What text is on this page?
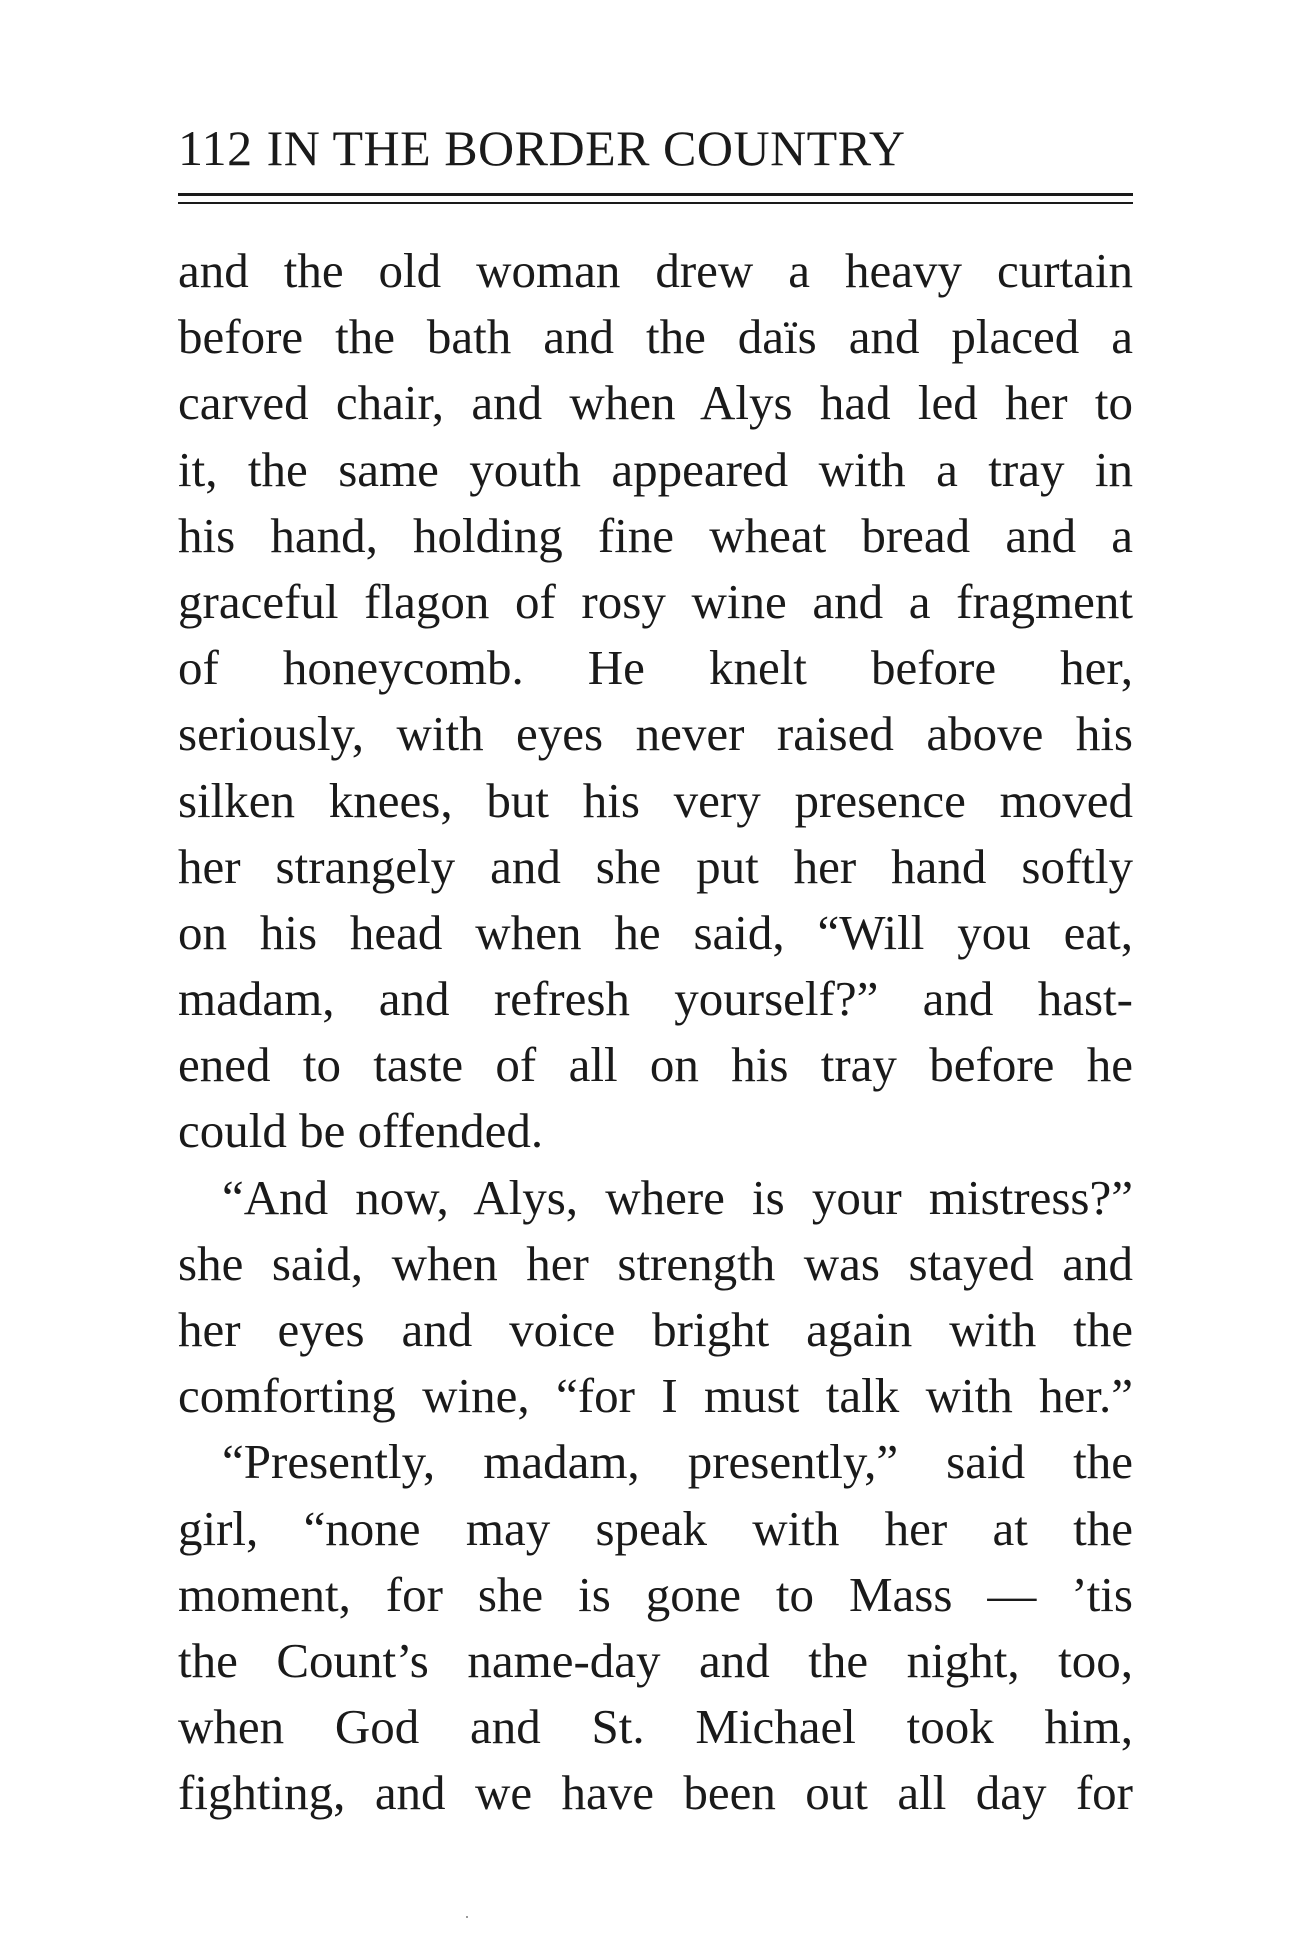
112 IN THE BORDER COUNTRY
and the old woman drew a heavy curtain
before the bath and the daïs and placed a
carved chair, and when Alys had led her to
it, the same youth appeared with a tray in
his hand, holding fine wheat bread and a
graceful flagon of rosy wine and a fragment
of honeycomb. He knelt before her,
seriously, with eyes never raised above his
silken knees, but his very presence moved
her strangely and she put her hand softly
on his head when he said, “Will you eat,
madam, and refresh yourself?” and hast-
ened to taste of all on his tray before he
could be offended.
“And now, Alys, where is your mistress?”
she said, when her strength was stayed and
her eyes and voice bright again with the
comforting wine, “for I must talk with her.”
“Presently, madam, presently,” said the
girl, “none may speak with her at the
moment, for she is gone to Mass — ’tis
the Count’s name-day and the night, too,
when God and St. Michael took him,
fighting, and we have been out all day for
